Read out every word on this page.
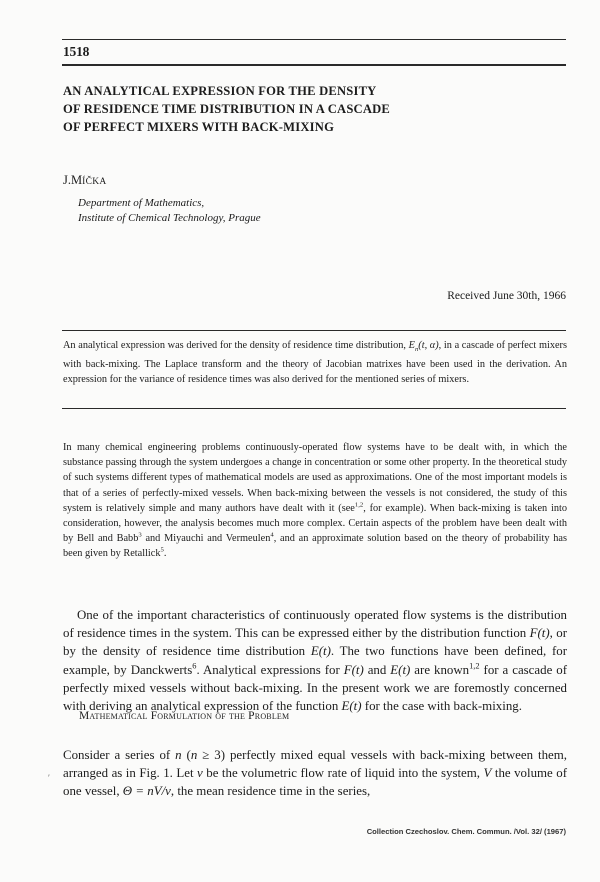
1518
AN ANALYTICAL EXPRESSION FOR THE DENSITY
OF RESIDENCE TIME DISTRIBUTION IN A CASCADE
OF PERFECT MIXERS WITH BACK-MIXING
J.MÍČKA
Department of Mathematics,
Institute of Chemical Technology, Prague
Received June 30th, 1966
An analytical expression was derived for the density of residence time distribution, $E_n(t$, α), in a cascade of perfect mixers with back-mixing. The Laplace transform and the theory of Jacobian matrixes have been used in the derivation. An expression for the variance of residence times was also derived for the mentioned series of mixers.
In many chemical engineering problems continuously-operated flow systems have to be dealt with, in which the substance passing through the system undergoes a change in concentration or some other property. In the theoretical study of such systems different types of mathematical models are used as approximations. One of the most important models is that of a series of perfectly-mixed vessels. When back-mixing between the vessels is not considered, the study of this system is relatively simple and many authors have dealt with it (see$^{1,2}$, for example). When back-mixing is taken into consideration, however, the analysis becomes much more complex. Certain aspects of the problem have been dealt with by Bell and Babb$^3$ and Miyauchi and Vermeulen$^4$, and an approximate solution based on the theory of probability has been given by Retallick$^5$.
One of the important characteristics of continuously operated flow systems is the distribution of residence times in the system. This can be expressed either by the distribution function F(t), or by the density of residence time distribution E(t). The two functions have been defined, for example, by Danckwerts$^6$. Analytical expressions for F(t) and E(t) are known$^{1,2}$ for a cascade of perfectly mixed vessels without back-mixing. In the present work we are foremostly concerned with deriving an analytical expression of the function E(t) for the case with back-mixing.
Mathematical Formulation of the Problem
′
Consider a series of n (n ≥ 3) perfectly mixed equal vessels with back-mixing between them, arranged as in Fig. 1. Let v be the volumetric flow rate of liquid into the system, V the volume of one vessel, Θ = nV/v, the mean residence time in the series,
Collection Czechoslov. Chem. Commun. /Vol. 32/ (1967)
